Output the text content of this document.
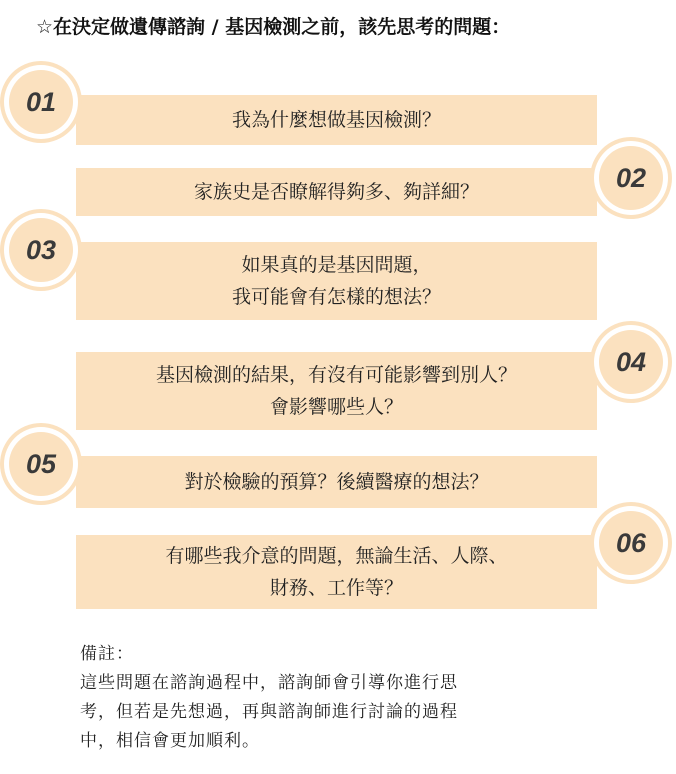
☆在決定做遺傳諮詢 / 基因檢測之前，該先思考的問題：
我為什麼想做基因檢測？
01
家族史是否瞭解得夠多、夠詳細？	02
如果真的是基因問題，
我可能會有怎樣的想法？
03
基因檢測的結果，有沒有可能影響到別人？
會影響哪些人？
04
對於檢驗的預算？後續醫療的想法？
05
有哪些我介意的問題，無論生活、人際、
財務、工作等？
06
備註：
這些問題在諮詢過程中，諮詢師會引導你進行思
考，但若是先想過，再與諮詢師進行討論的過程
中，相信會更加順利。
